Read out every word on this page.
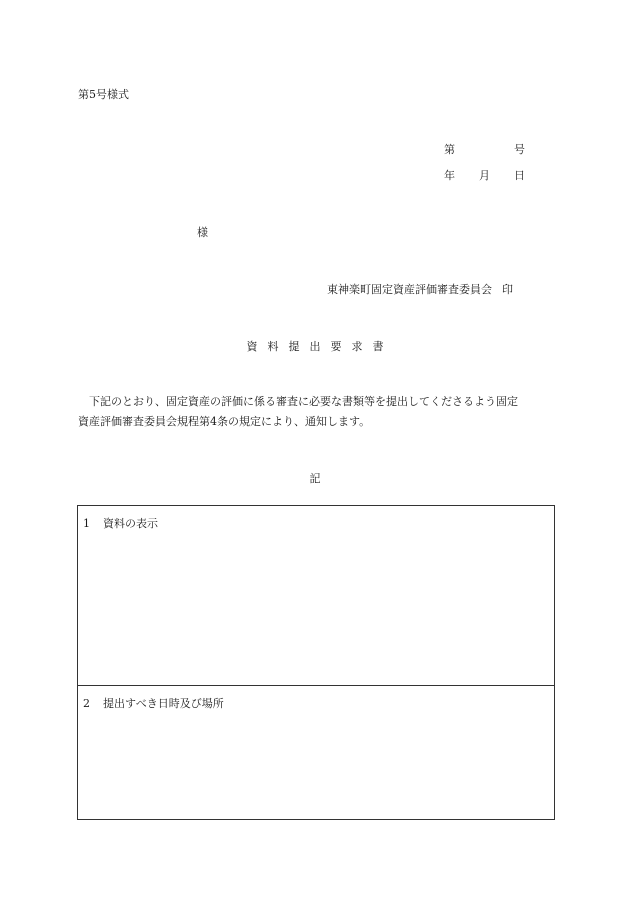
第5号様式
第	号
年 月 日
様
東神楽町固定資産評価審査委員会 印
資料提出要求書
下記のとおり、固定資産の評価に係る審査に必要な書類等を提出してくださるよう固定
資産評価審査委員会規程第4条の規定により、通知します。
記
1 資料の表示
2 提出すべき日時及び場所
